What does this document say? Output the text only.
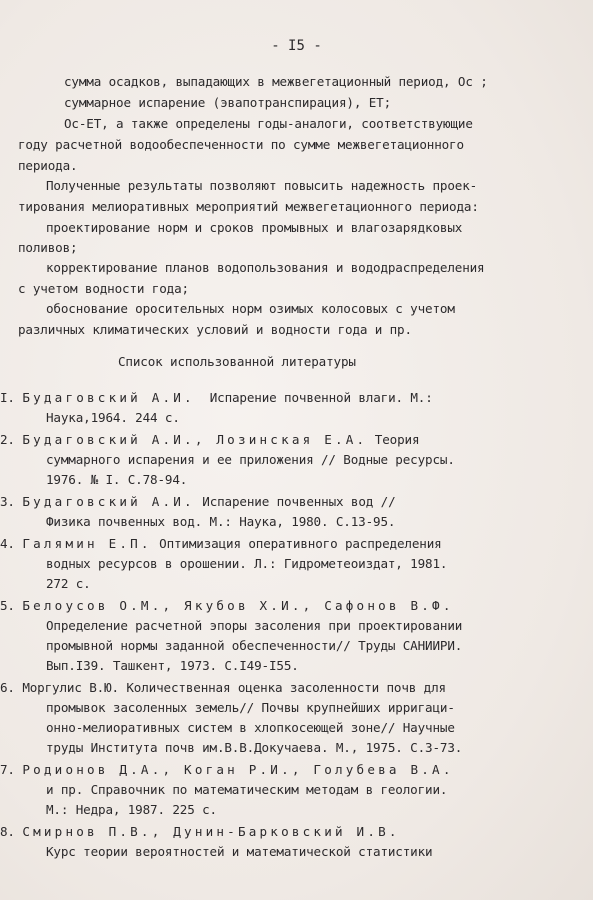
- I5 -
сумма осадков, выпадающих в межвегетационный период, Oс ;
суммарное испарение (эвапотранспирация), ET;
Oс-ET, а также определены годы-аналоги, соответствующие
году расчетной водообеспеченности по сумме межвегетационного
периода.
Полученные результаты позволяют повысить надежность проек-
тирования мелиоративных мероприятий межвегетационного периода:
проектирование норм и сроков промывных и влагозарядковых
поливов;
корректирование планов водопользования и вододраспределения
с учетом водности года;
обоснование оросительных норм озимых колосовых с учетом
различных климатических условий и водности года и пр.
Список использованной литературы
I. Будаговский А.И. Испарение почвенной влаги. М.:
Наука,1964. 244 с.
2. Будаговский А.И., Лозинская Е.А. Теория
суммарного испарения и ее приложения // Водные ресурсы.
1976. № I. С.78-94.
3. Будаговский А.И. Испарение почвенных вод //
Физика почвенных вод. М.: Наука, 1980. С.13-95.
4. Галямин Е.П. Оптимизация оперативного распределения
водных ресурсов в орошении. Л.: Гидрометеоиздат, 1981.
272 с.
5. Белоусов О.М., Якубов Х.И., Сафонов В.Ф.
Определение расчетной эпоры засоления при проектировании
промывной нормы заданной обеспеченности// Труды САНИИРИ.
Вып.I39. Ташкент, 1973. С.I49-I55.
6. Моргулис В.Ю. Количественная оценка засоленности почв для
промывок засоленных земель// Почвы крупнейших ирригаци-
онно-мелиоративных систем в хлопкосеющей зоне// Научные
труды Института почв им.В.В.Докучаева. М., 1975. С.3-73.
7. Родионов Д.А., Коган Р.И., Голубева В.А.
и пр. Справочник по математическим методам в геологии.
М.: Недра, 1987. 225 с.
8. Смирнов П.В., Дунин-Барковский И.В.
Курс теории вероятностей и математической статистики
